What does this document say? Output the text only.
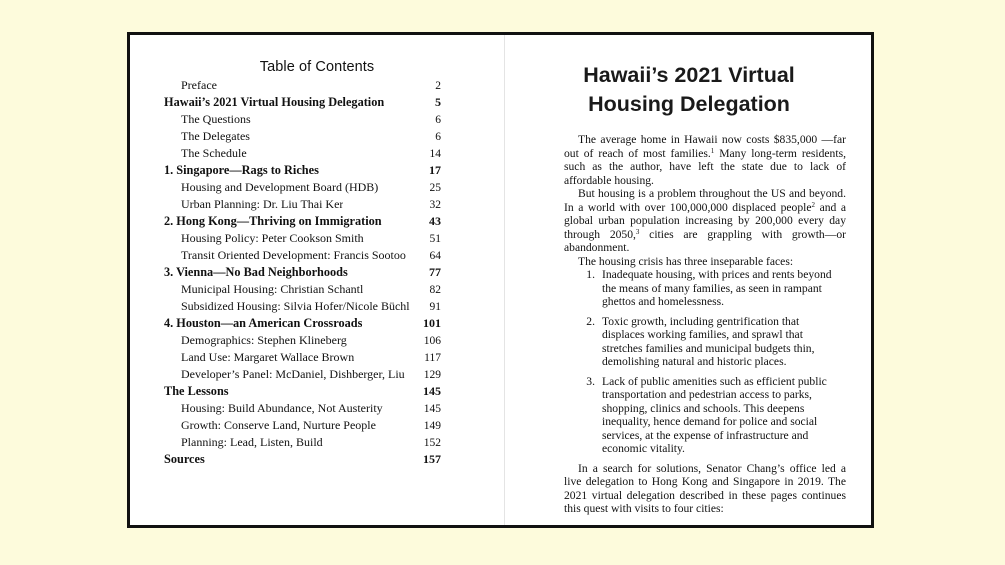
Table of Contents
Preface	2
Hawaii’s 2021 Virtual Housing Delegation	5
The Questions	6
The Delegates	6
The Schedule	14
1. Singapore—Rags to Riches	17
Housing and Development Board (HDB)	25
Urban Planning: Dr. Liu Thai Ker	32
2. Hong Kong—Thriving on Immigration	43
Housing Policy: Peter Cookson Smith	51
Transit Oriented Development: Francis Sootoo 64
3. Vienna—No Bad Neighborhoods	77
Municipal Housing: Christian Schantl	82
Subsidized Housing: Silvia Hofer/Nicole Büchl 91
4. Houston—an American Crossroads	101
Demographics: Stephen Klineberg	106
Land Use: Margaret Wallace Brown	117
Developer’s Panel: McDaniel, Dishberger, Liu 129
The Lessons	145
Housing: Build Abundance, Not Austerity	145
Growth: Conserve Land, Nurture People	149
Planning: Lead, Listen, Build	152
Sources	157
Hawaii’s 2021 Virtual
Housing Delegation

The average home in Hawaii now costs $835,000 —far out of reach of most families.$^1$ Many long-term residents, such as the author, have left the state due to lack of affordable housing.

But housing is a problem throughout the US and beyond. In a world with over 100,000,000 displaced people$^2$ and a global urban population increasing by 200,000 every day through 2050,$^3$ cities are grappling with growth—or abandonment.

The housing crisis has three inseparable faces:

1. Inadequate housing, with prices and rents beyond the means of many families, as seen in rampant ghettos and homelessness.
2. Toxic growth, including gentrification that displaces working families, and sprawl that stretches families and municipal budgets thin, demolishing natural and historic places.
3. Lack of public amenities such as efficient public transportation and pedestrian access to parks, shopping, clinics and schools. This deepens inequality, hence demand for police and social services, at the expense of infrastructure and economic vitality.

In a search for solutions, Senator Chang’s office led a live delegation to Hong Kong and Singapore in 2019. The 2021 virtual delegation described in these pages continues this quest with visits to four cities:
